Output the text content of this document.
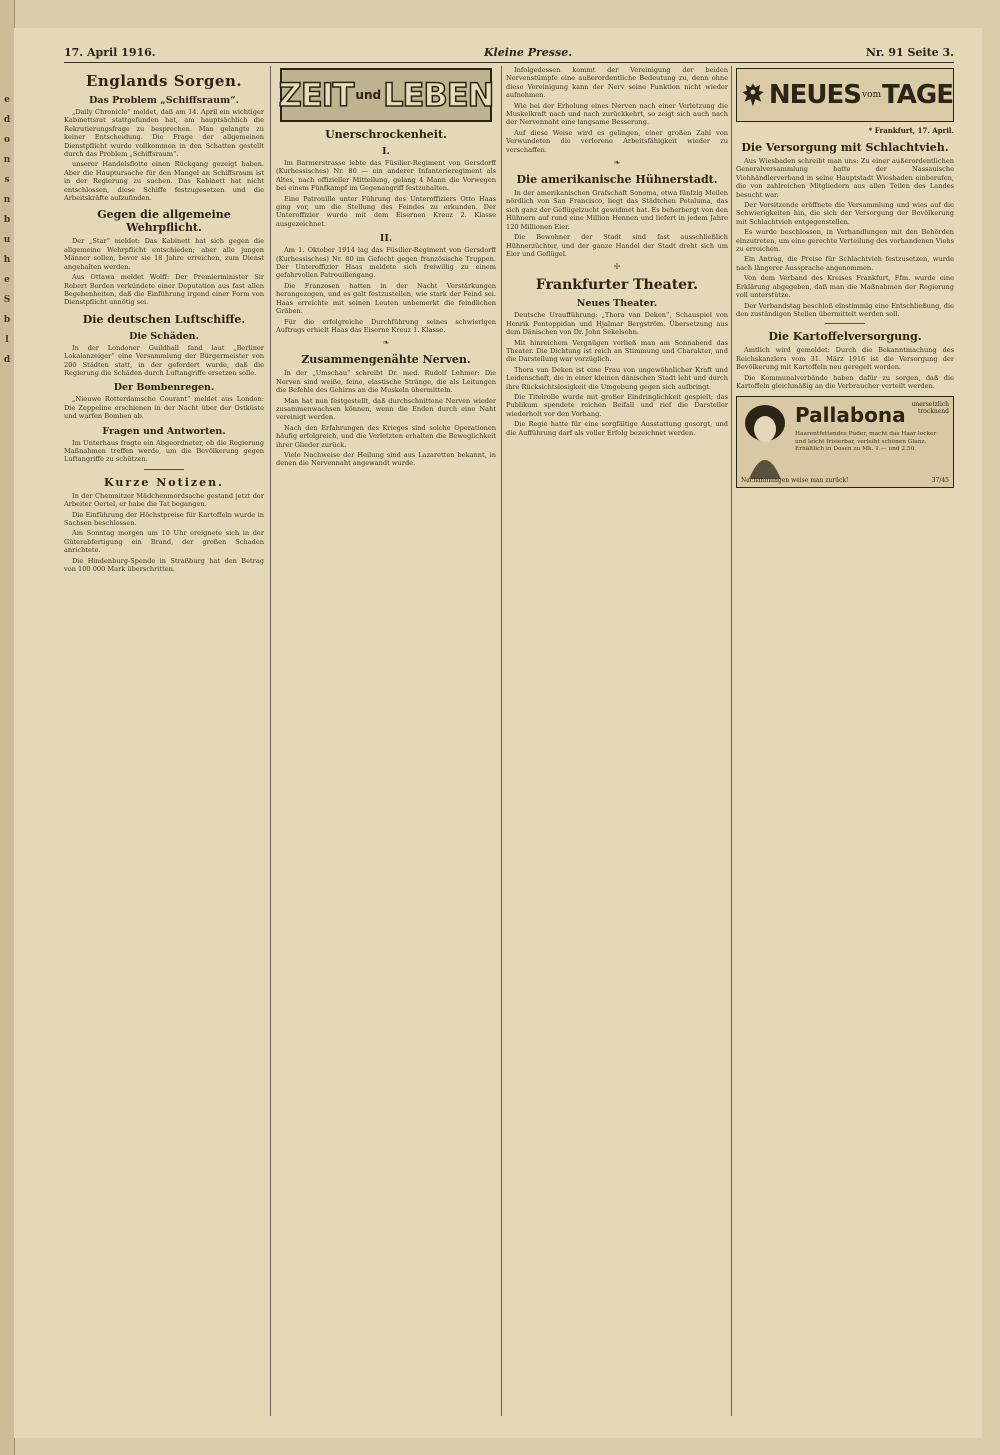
e
d
o
n
s
n
b
u
h
e
S
b
l
d
17. April 1916.	Kleine Presse.	Nr. 91 Seite 3.
Englands Sorgen.
Das Problem „Schiffsraum“.

„Daily Chronicle“ meldet, daß am 14. April ein wichtiger Kabinettsrat stattgefunden hat, am hauptsächlich die Rekrutierungsfrage zu besprechen. Man gelangte zu keiner Entscheidung. Die Frage der allgemeinen Dienstpflicht wurde vollkommen in den Schatten gestellt durch das Problem „Schiffsraum“.

unserer Handelsflotte einen Rückgang gezeigt haben. Aber die Hauptursache für den Mangel an Schiffsraum ist in der Regierung zu suchen. Das Kabinett hat nicht entschlossen, diese Schiffe festzugesetzen und die Arbeitskräfte aufzufinden.

Gegen die allgemeine Wehrpflicht.

Der „Star“ meldet: Das Kabinett hat sich gegen die allgemeine Wehrpflicht entschieden; aber alle jungen Männer sollen, bevor sie 18 Jahre erreichen, zum Dienst angehalten werden.

Aus Ottawa meldet Wolff: Der Premierminister Sir Robert Borden verkündete einer Deputation aus fast allen Begebenheiten, daß die Einführung irgend einer Form von Dienstpflicht unnötig sei.

Die deutschen Luftschiffe.
Die Schäden.

In der Londoner Guildhall fand laut „Berliner Lokalanzeiger“ eine Versammlung der Bürgermeister von 200 Städten statt, in der gefordert wurde, daß die Regierung die Schäden durch Luftangriffe ersetzen solle.

Der Bombenregen.

„Nieuwe Rotterdamsche Courant“ meldet aus London: Die Zeppeline erschienen in der Nacht über der Ostküste und warfen Bomben ab.

Fragen und Antworten.

Im Unterhaus fragte ein Abgeordneter, ob die Regierung Maßnahmen treffen werde, um die Bevölkerung gegen Luftangriffe zu schützen.

Kurze Notizen.

In der Chemnitzer Mädchenmordsache gestand jetzt der Arbeiter Oertel, er habe die Tat begangen.

Die Einführung der Höchstpreise für Kartoffeln wurde in Sachsen beschlossen.

Am Sonntag morgen um 10 Uhr ereignete sich in der Güterabfertigung ein Brand, der großen Schaden anrichtete.

Die Hindenburg-Spende in Straßburg hat den Betrag von 100 000 Mark überschritten.

ZEIT und LEBEN
Unerschrockenheit.
I.

Im Barmerstrasse lebte das Füsilier-Regiment von Gersdorff (Kurhessisches) Nr. 80 — ein anderer Infanterieregiment als Altes, nach offizieller Mitteilung, gelang 4 Mann die Vorwegen bei einem Fünfkampf im Gegenangriff festzuhalten.

Eine Patrouille unter Führung des Unteroffiziers Otto Haas ging vor, um die Stellung des Feindes zu erkunden. Der Unteroffizier wurde mit dem Eisernen Kreuz 2. Klasse ausgezeichnet.

II.

Am 1. Oktober 1914 lag das Füsilier-Regiment von Gersdorff (Kurhessisches) Nr. 80 im Gefecht gegen französische Truppen. Der Unteroffizier Haas meldete sich freiwillig zu einem gefahrvollen Patrouillengang.

Die Franzosen hatten in der Nacht Verstärkungen herangezogen, und es galt festzustellen, wie stark der Feind sei. Haas erreichte mit seinen Leuten unbemerkt die feindlichen Gräben.

Für die erfolgreiche Durchführung seines schwierigen Auftrags erhielt Haas das Eiserne Kreuz 1. Klasse.

❧
Zusammengenähte Nerven.

In der „Umschau“ schreibt Dr. med. Rudolf Lehmer: Die Nerven sind weiße, feine, elastische Stränge, die als Leitungen die Befehle des Gehirns an die Muskeln übermitteln.

Man hat nun festgestellt, daß durchschnittene Nerven wieder zusammenwachsen können, wenn die Enden durch eine Naht vereinigt werden.

Nach den Erfahrungen des Krieges sind solche Operationen häufig erfolgreich, und die Verletzten erhalten die Beweglichkeit ihrer Glieder zurück.

Viele Nachweise der Heilung sind aus Lazaretten bekannt, in denen die Nervennaht angewandt wurde.

Infolgedessen kommt der Vereinigung der beiden Nervenstümpfe eine außerordentliche Bedeutung zu, denn ohne diese Vereinigung kann der Nerv seine Funktion nicht wieder aufnehmen.

Wie bei der Erholung eines Nerven nach einer Verletzung die Muskelkraft nach und nach zurückkehrt, so zeigt sich auch nach der Nervennaht eine langsame Besserung.

Auf diese Weise wird es gelingen, einer großen Zahl von Verwundeten die verlorene Arbeitsfähigkeit wieder zu verschaffen.

❧
Die amerikanische Hühnerstadt.

In der amerikanischen Grafschaft Sonoma, etwa fünfzig Meilen nördlich von San Francisco, liegt das Städtchen Petaluma, das sich ganz der Geflügelzucht gewidmet hat. Es beherbergt von den Hühnern auf rund eine Million Hennen und liefert in jedem Jahre 120 Millionen Eier.

Die Bewohner der Stadt sind fast ausschließlich Hühnerzüchter, und der ganze Handel der Stadt dreht sich um Eier und Geflügel.

✢
Frankfurter Theater.
Neues Theater.

Deutsche Uraufführung: „Thora van Deken“, Schauspiel von Henrik Pontoppidan und Hjalmar Bergström. Übersetzung aus dem Dänischen von Dr. John Sekelsohn.

Mit hinreichem Vergnügen verließ man am Sonnabend das Theater. Die Dichtung ist reich an Stimmung und Charakter, und die Darstellung war vorzüglich.

Thora van Deken ist eine Frau von ungewöhnlicher Kraft und Leidenschaft, die in einer kleinen dänischen Stadt lebt und durch ihre Rücksichtslosigkeit die Umgebung gegen sich aufbringt.

Die Titelrolle wurde mit großer Eindringlichkeit gespielt; das Publikum spendete reichen Beifall und rief die Darsteller wiederholt vor den Vorhang.

Die Regie hatte für eine sorgfältige Ausstattung gesorgt, und die Aufführung darf als voller Erfolg bezeichnet werden.

NEUES vom TAGE
* Frankfurt, 17. April.
Die Versorgung mit Schlachtvieh.

Aus Wiesbaden schreibt man uns: Zu einer außerordentlichen Generalversammlung hatte der Nassauische Viehhändlerverband in seine Hauptstadt Wiesbaden einberufen, die von zahlreichen Mitgliedern aus allen Teilen des Landes besucht war.

Der Vorsitzende eröffnete die Versammlung und wies auf die Schwierigkeiten hin, die sich der Versorgung der Bevölkerung mit Schlachtvieh entgegenstellen.

Es wurde beschlossen, in Verhandlungen mit den Behörden einzutreten, um eine gerechte Verteilung des vorhandenen Viehs zu erreichen.

Ein Antrag, die Preise für Schlachtvieh festzusetzen, wurde nach längerer Aussprache angenommen.

Von dem Verband des Kreises Frankfurt, Ffm. wurde eine Erklärung abgegeben, daß man die Maßnahmen der Regierung voll unterstütze.

Der Verbandstag beschloß einstimmig eine Entschließung, die den zuständigen Stellen übermittelt werden soll.

Die Kartoffelversorgung.

Amtlich wird gemeldet: Durch die Bekanntmachung des Reichskanzlers vom 31. März 1916 ist die Versorgung der Bevölkerung mit Kartoffeln neu geregelt worden.

Die Kommunalverbände haben dafür zu sorgen, daß die Kartoffeln gleichmäßig an die Verbraucher verteilt werden.

Pallabona unersetzlich trocknend
Haarentfettendes Puder, macht das Haar locker und leicht frisierbar, verleiht schönen Glanz. Erhältlich in Dosen zu Mk. 1.— und 2.50.
Nachahmungen weise man zurück!	37/45
